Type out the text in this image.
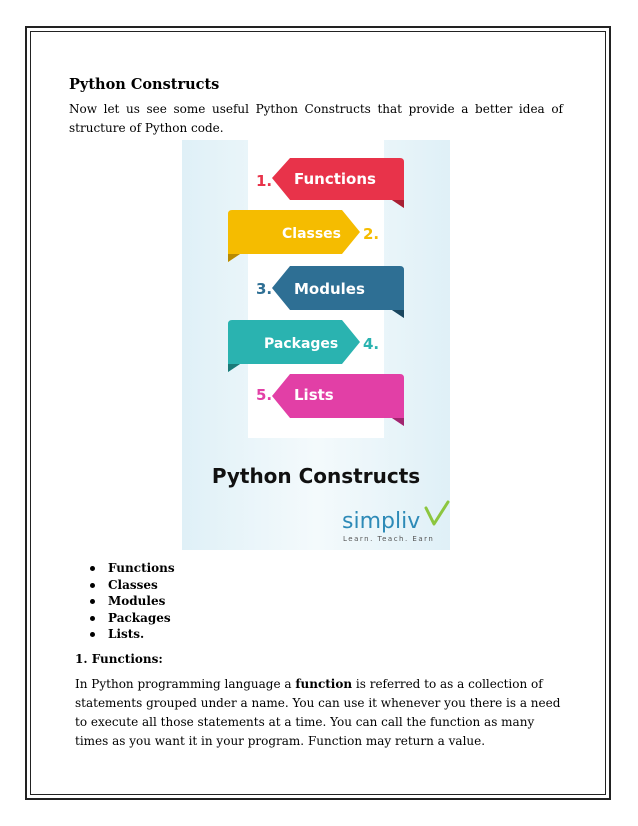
Python Constructs

Now let us see some useful Python Constructs that provide a better idea of structure of Python code.

1. Functions
Classes 2.
3. Modules
Packages 4.
5. Lists
Python Constructs
simpliv
Learn. Teach. Earn
Functions
Classes
Modules
Packages
Lists.
1. Functions:

In Python programming language a function is referred to as a collection of statements grouped under a name. You can use it whenever you there is a need to execute all those statements at a time. You can call the function as many times as you want it in your program. Function may return a value.
